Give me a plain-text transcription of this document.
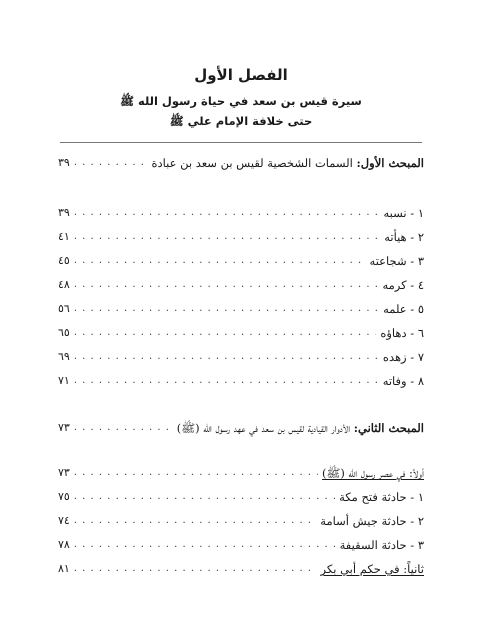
الفصل الأول
سيرة قيس بن سعد في حياة رسول الله ﷺ
حتى خلافة الإمام علي ﷺ
المبحث الأول: السمات الشخصية لقيس بن سعد بن عبادة
. . .
٣٩
١ - نسبه
. . .
٣٩
٢ - هيأته
. . .
٤١
٣ - شجاعته
. . .
٤٥
٤ - كرمه
. . .
٤٨
٥ - علمه
. . .
٥٦
٦ - دهاؤه
. . .
٦٥
٧ - زهده
. . .
٦٩
٨ - وفاته
. . .
٧١
المبحث الثاني: الأدوار القيادية لقيس بن سعد في عهد رسول الله (ﷺ)
. . .
٧٣
أولاً: في عصر رسول الله (ﷺ)
. . .
٧٣
١ - حادثة فتح مكة
. . .
٧٥
٢ - حادثة جيش أسامة
. . .
٧٤
٣ - حادثة السقيفة
. . .
٧٨
ثانياً: في حكم أبي بكر
. . .
٨١
